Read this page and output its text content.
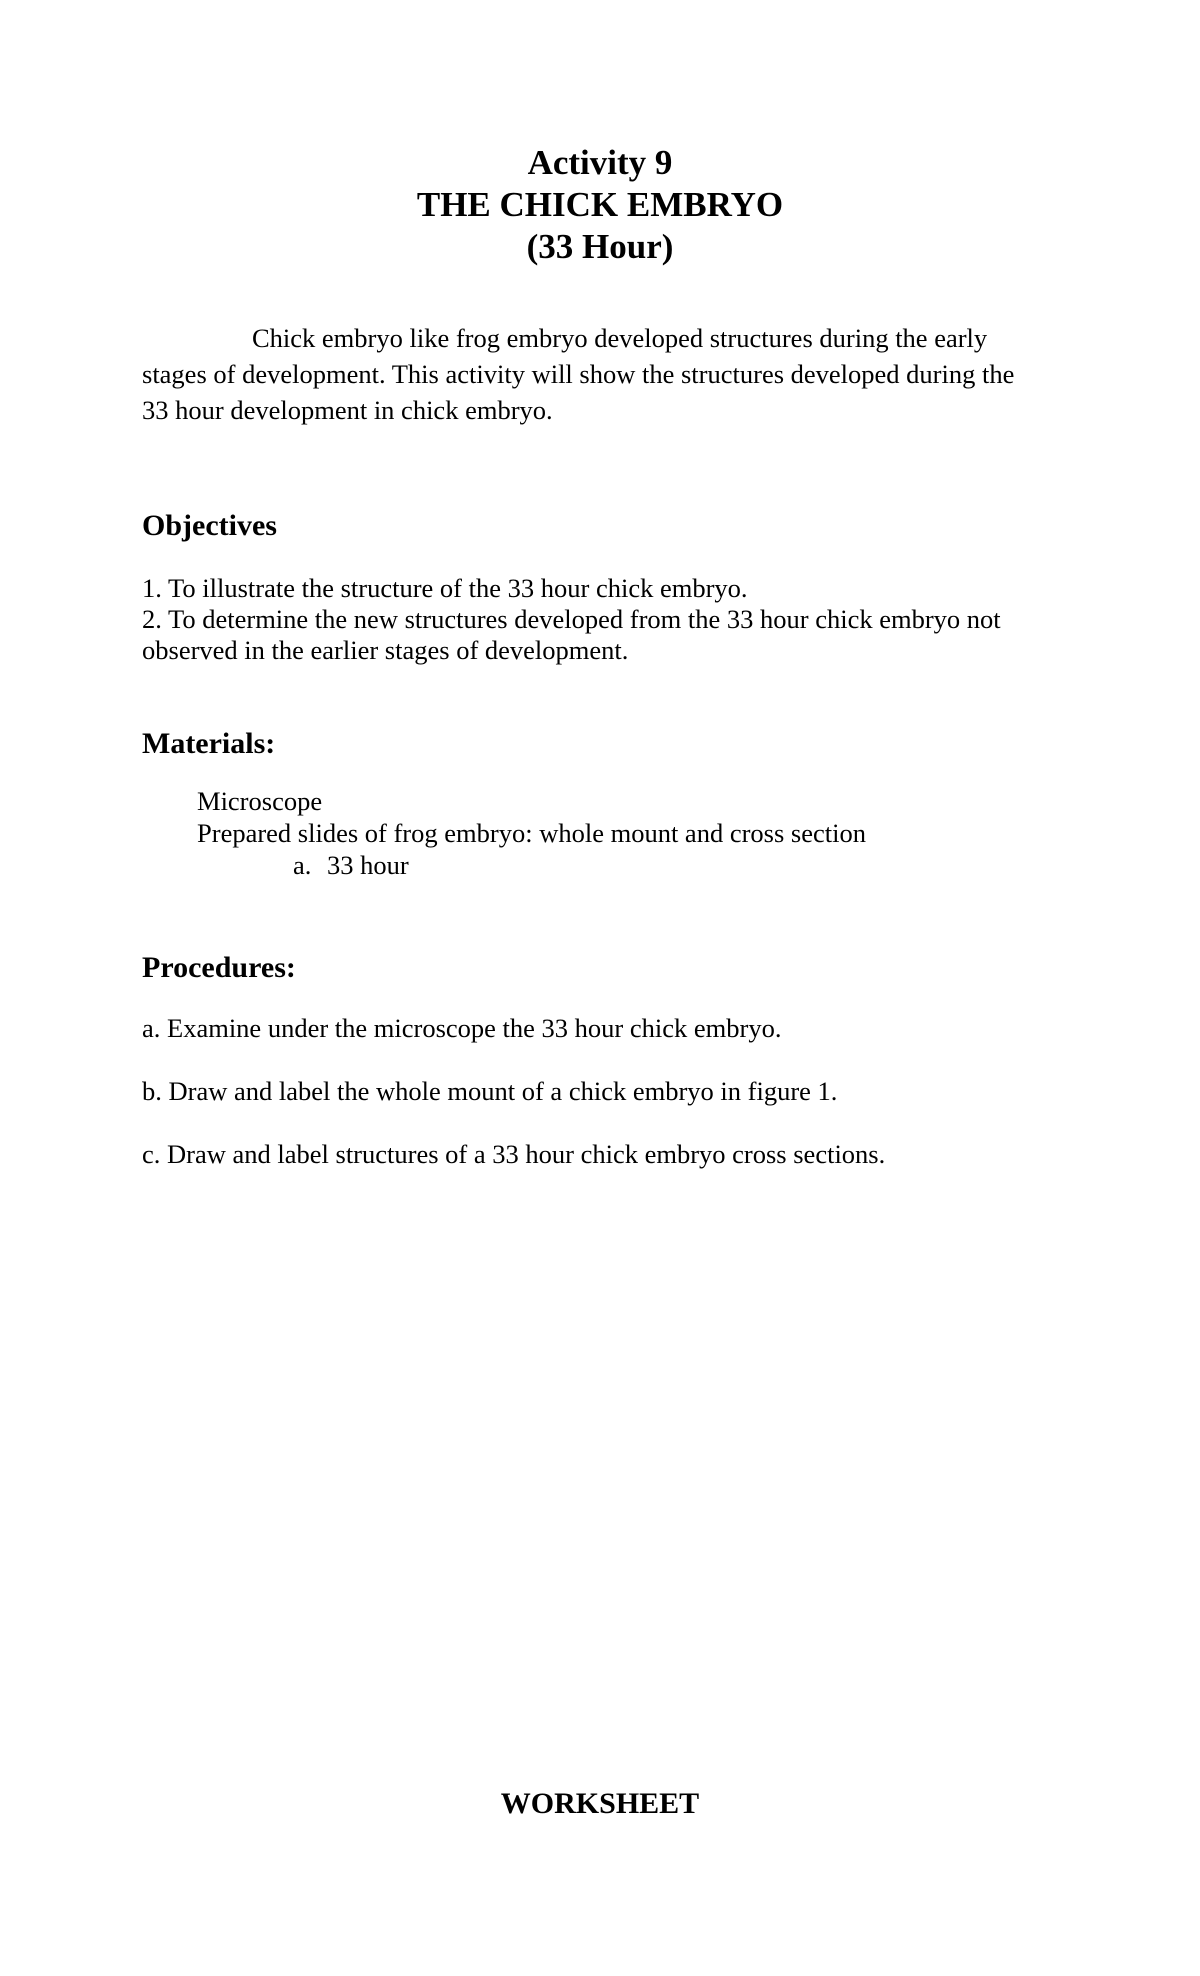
Activity 9
THE CHICK EMBRYO
(33 Hour)
Chick embryo like frog embryo developed structures during the early
stages of development. This activity will show the structures developed during the
33 hour development in chick embryo.
Objectives
1. To illustrate the structure of the 33 hour chick embryo.
2. To determine the new structures developed from the 33 hour chick embryo not
observed in the earlier stages of development.
Materials:
Microscope
Prepared slides of frog embryo: whole mount and cross section
a. 33 hour
Procedures:
a. Examine under the microscope the 33 hour chick embryo.
b. Draw and label the whole mount of a chick embryo in figure 1.
c. Draw and label structures of a 33 hour chick embryo cross sections.
WORKSHEET
